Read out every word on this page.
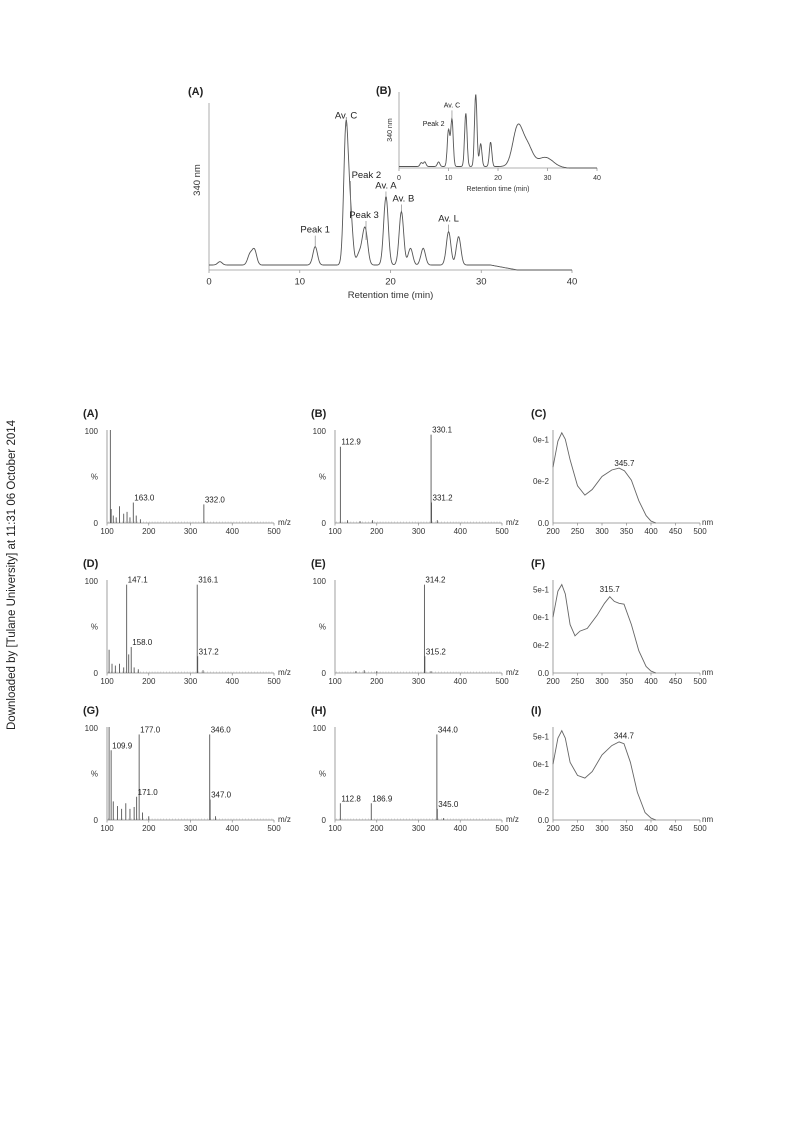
Downloaded by [Tulane University] at 11:31 06 October 2014
(A)
340 nm
0	10	20	30	40
Retention time (min)
Peak 1
Av. C
Peak 2
Peak 3
Av. A
Av. B
Av. L
(B)
340 nm
0	10	20	30	40
Retention time (min)
Peak 2
Av. C
(A)
0
%
100
100	200	300	400	500
m/z
163.0	332.0
(B)
0
%
100
100	200	300	400	500
m/z
112.9
330.1
331.2
(D)
0
%
100
100	200	300	400	500
m/z
147.1
158.0
316.1
317.2
(E)
0
%
100
100	200	300	400	500
m/z
314.2
315.2
(G)
0
%
100
100	200	300	400	500
m/z
109.9
171.0
177.0	346.0
347.0
(H)
0
%
100
100	200	300	400	500
m/z
112.8 186.9
344.0
345.0
(C)
0.0
0e-2
0e-1
200 250 300 350 400 450 500
nm
345.7
(F)
0.0
0e-2
0e-1
5e-1
200 250 300 350 400 450 500
nm
315.7
(I)
0.0
0e-2
0e-1
5e-1
200 250 300 350 400 450 500
nm
344.7
